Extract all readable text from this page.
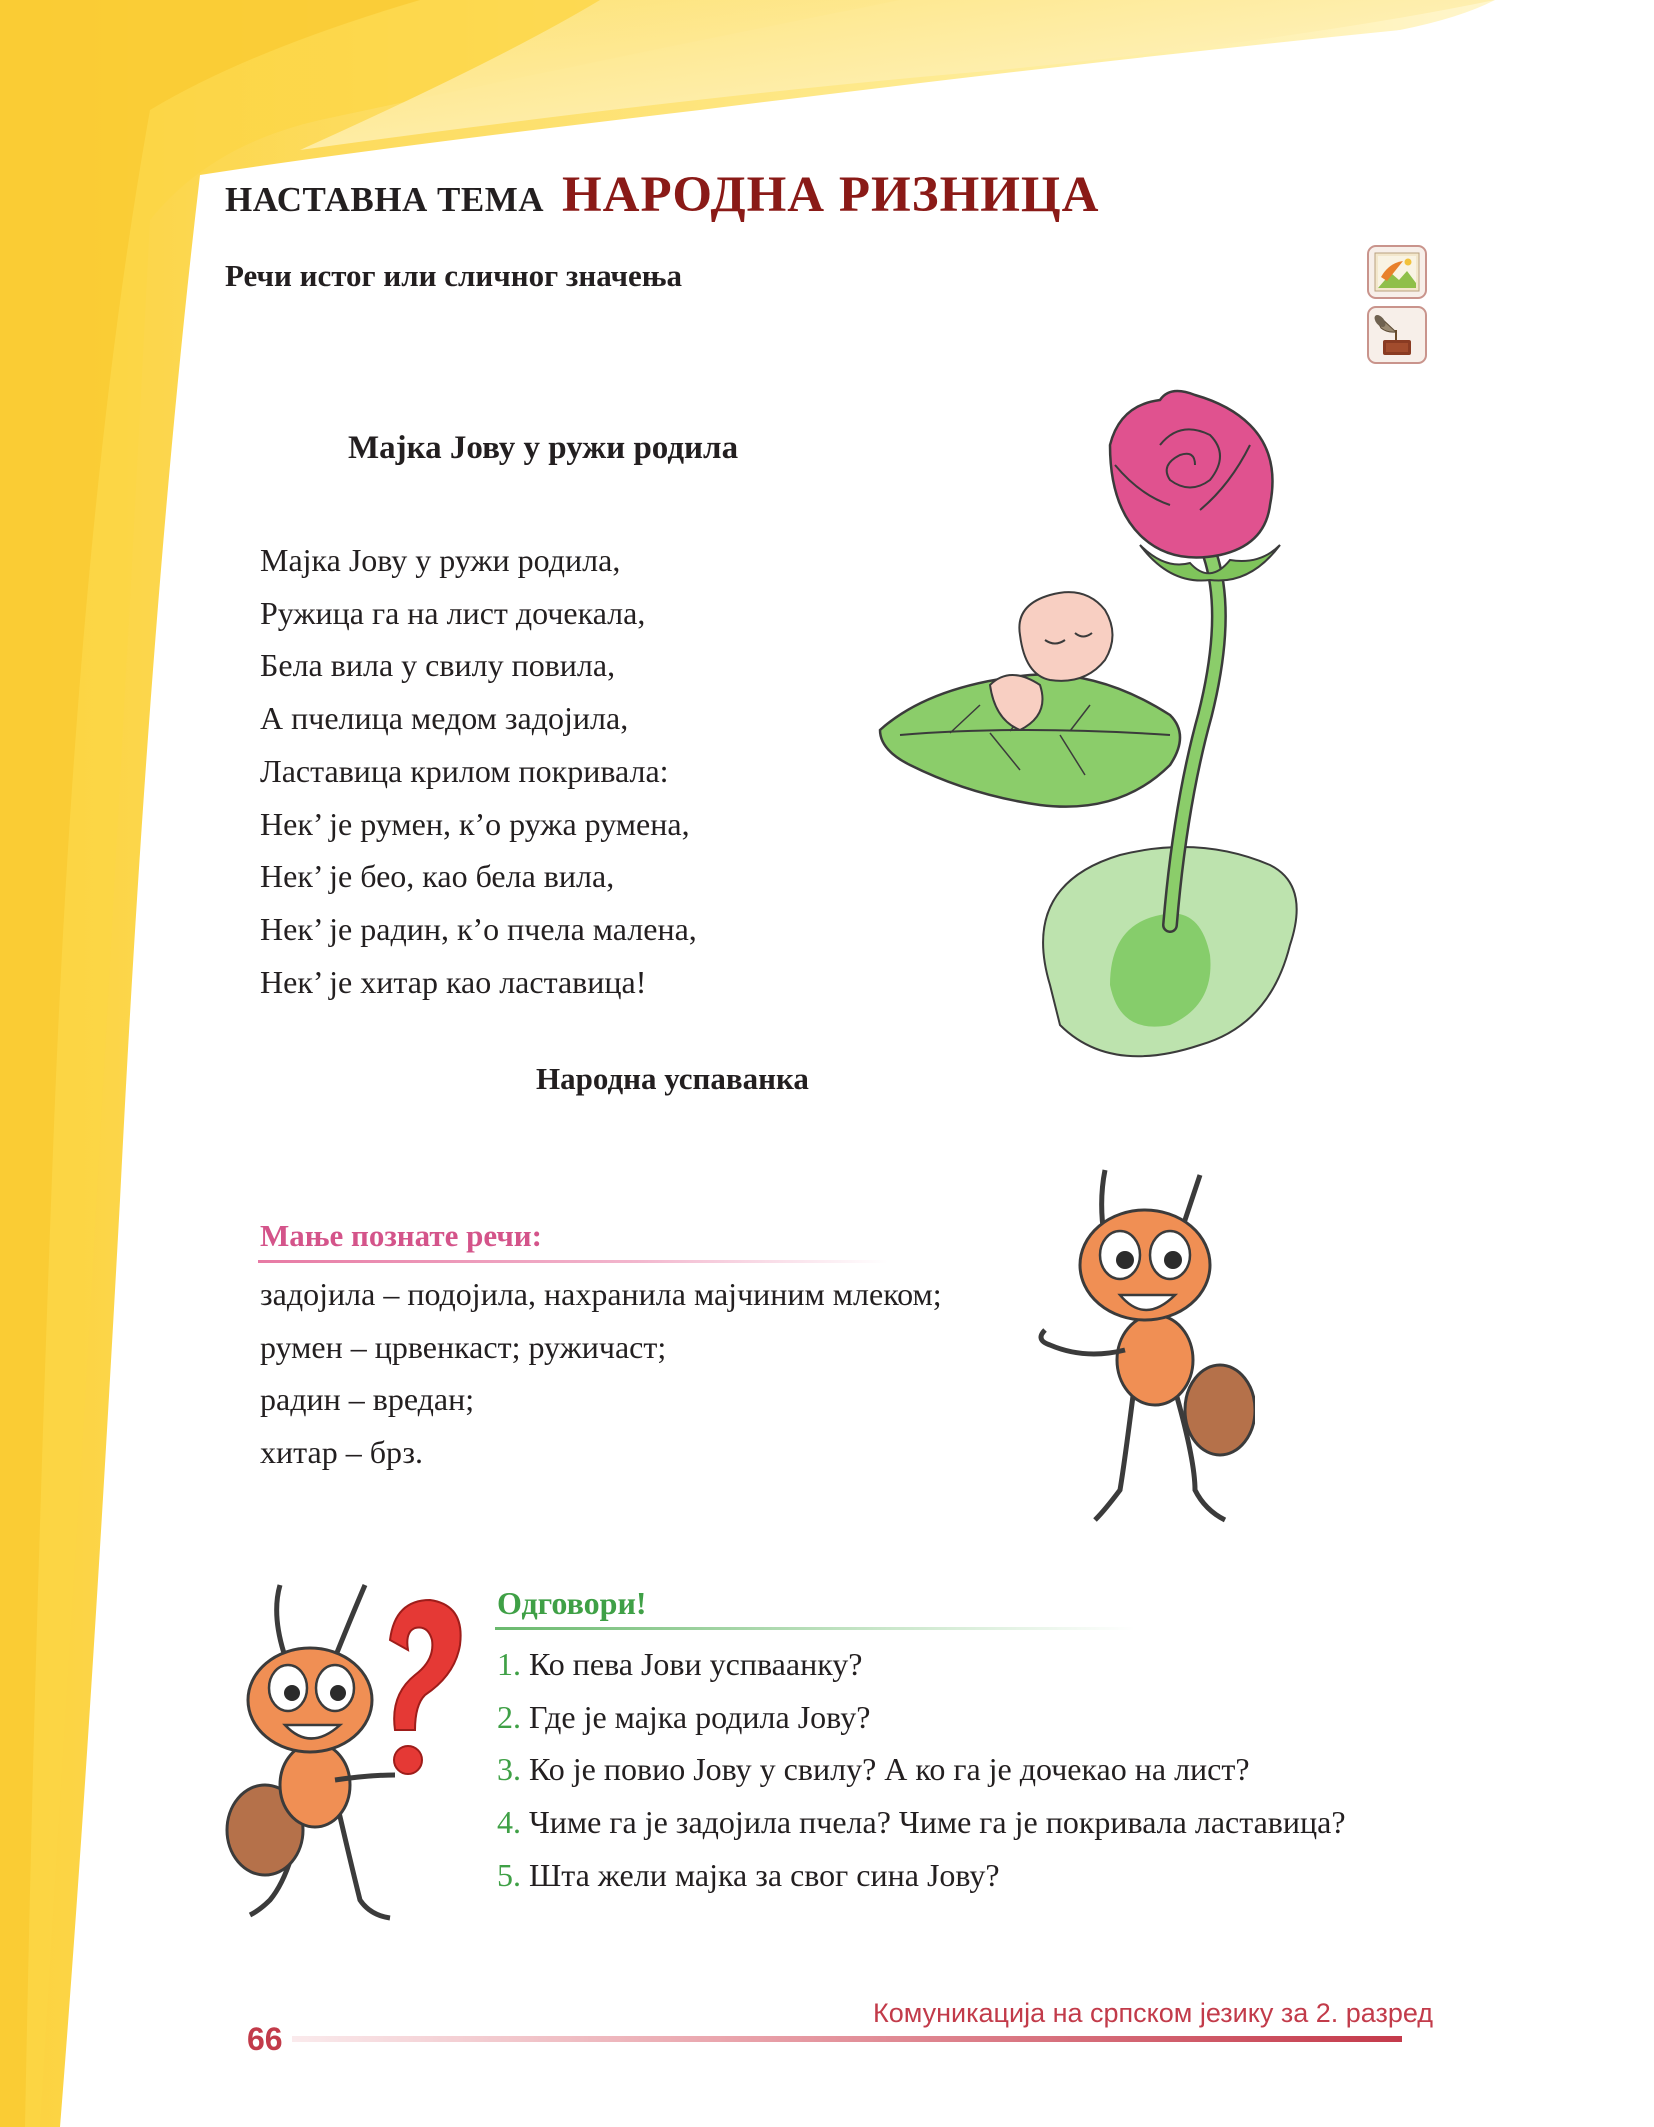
НАСТАВНА ТЕМА НАРОДНА РИЗНИЦА
Речи истог или сличног значења
Мајка Јову у ружи родила
Мајка Јову у ружи родила,
Ружица га на лист дочекала,
Бела вила у свилу повила,
А пчелица медом задојила,
Ластавица крилом покривала:
Нек’ је румен, к’о ружа румена,
Нек’ је бео, као бела вила,
Нек’ је радин, к’о пчела малена,
Нек’ је хитар као ластавица!
Народна успаванка
Мање познате речи:
задојила – подојила, нахранила мајчиним млеком;
румен – црвенкаст; ружичаст;
радин – вредан;
хитар – брз.
Одговори!
1. Ко пева Јови успваанку?
2. Где је мајка родила Јову?
3. Ко је повио Јову у свилу? А ко га је дочекао на лист?
4. Чиме га је задојила пчела? Чиме га је покривала ластавица?
5. Шта жели мајка за свог сина Јову?
Комуникација на српском језику за 2. разред
66
